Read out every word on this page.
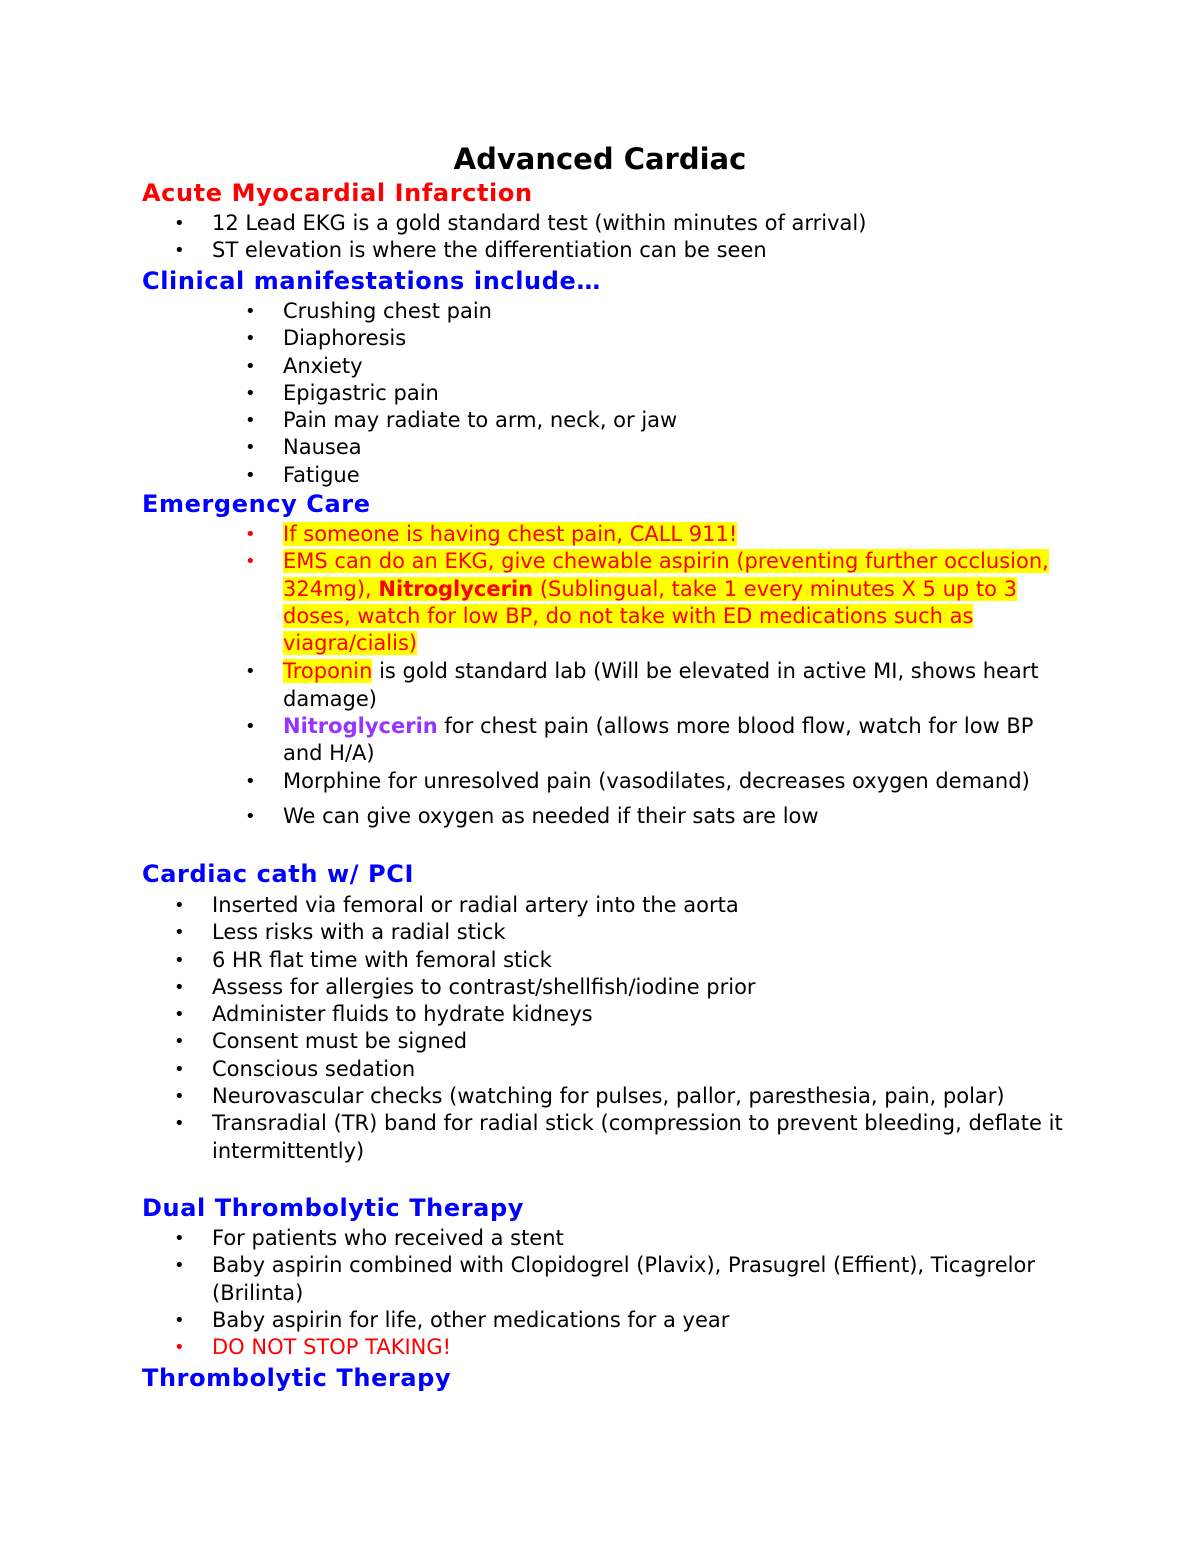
Advanced Cardiac
Acute Myocardial Infarction
• 12 Lead EKG is a gold standard test (within minutes of arrival)
• ST elevation is where the differentiation can be seen
Clinical manifestations include…
• Crushing chest pain
• Diaphoresis
• Anxiety
• Epigastric pain
• Pain may radiate to arm, neck, or jaw
• Nausea
• Fatigue
Emergency Care
• If someone is having chest pain, CALL 911!
• EMS can do an EKG, give chewable aspirin (preventing further occlusion, 324mg), Nitroglycerin (Sublingual, take 1 every minutes X 5 up to 3 doses, watch for low BP, do not take with ED medications such as viagra/cialis)
• Troponin is gold standard lab (Will be elevated in active MI, shows heart damage)
• Nitroglycerin for chest pain (allows more blood flow, watch for low BP and H/A)
• Morphine for unresolved pain (vasodilates, decreases oxygen demand)
• We can give oxygen as needed if their sats are low
Cardiac cath w/ PCI
• Inserted via femoral or radial artery into the aorta
• Less risks with a radial stick
• 6 HR flat time with femoral stick
• Assess for allergies to contrast/shellfish/iodine prior
• Administer fluids to hydrate kidneys
• Consent must be signed
• Conscious sedation
• Neurovascular checks (watching for pulses, pallor, paresthesia, pain, polar)
• Transradial (TR) band for radial stick (compression to prevent bleeding, deflate it intermittently)
Dual Thrombolytic Therapy
• For patients who received a stent
• Baby aspirin combined with Clopidogrel (Plavix), Prasugrel (Effient), Ticagrelor (Brilinta)
• Baby aspirin for life, other medications for a year
• DO NOT STOP TAKING!
Thrombolytic Therapy
